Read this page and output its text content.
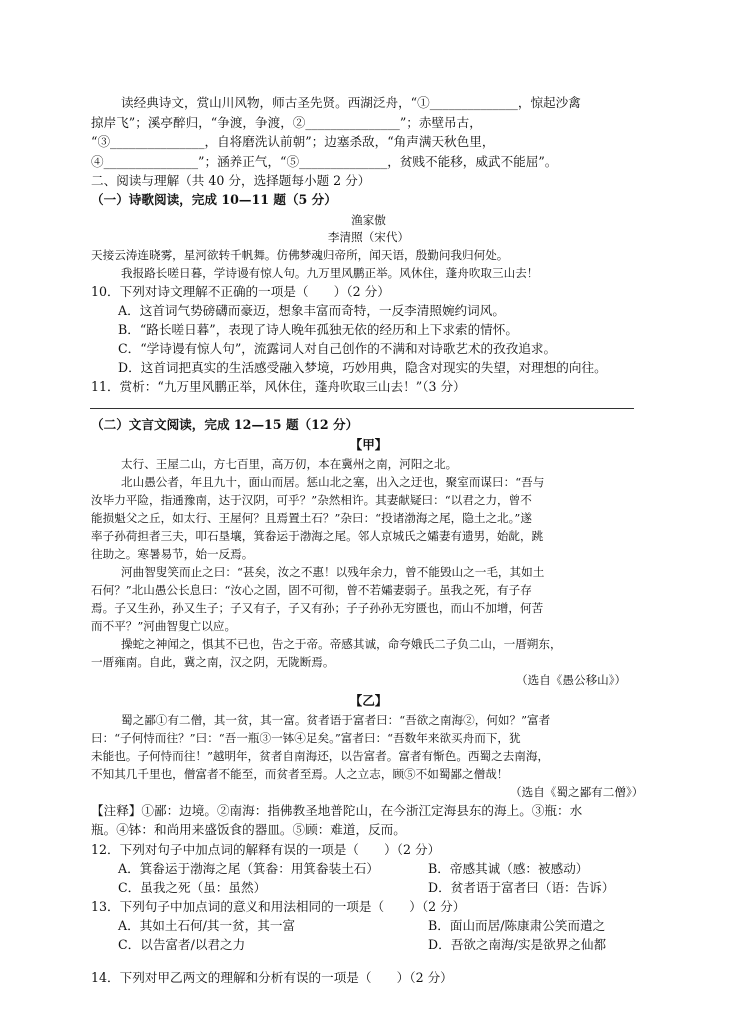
读经典诗文，赏山川风物，师古圣先贤。西湖泛舟，“①______________，惊起沙禽
掠岸飞”；溪亭醉归，“争渡，争渡，②_______________”；赤壁吊古，
“③_______________，自将磨洗认前朝”；边塞杀敌，“角声满天秋色里，
④_______________”；涵养正气，“⑤______________，贫贱不能移，威武不能屈”。
二、阅读与理解（共 40 分，选择题每小题 2 分）
（一）诗歌阅读，完成 10—11 题（5 分）
渔家傲
李清照（宋代）
天接云涛连晓雾，星河欲转千帆舞。仿佛梦魂归帝所，闻天语，殷勤问我归何处。
我报路长嗟日暮，学诗谩有惊人句。九万里风鹏正举。风休住，蓬舟吹取三山去！
10．下列对诗文理解不正确的一项是（　　）（2 分）
A．这首词气势磅礴而豪迈，想象丰富而奇特，一反李清照婉约词风。
B．“路长嗟日暮”，表现了诗人晚年孤独无依的经历和上下求索的情怀。
C．“学诗谩有惊人句”，流露词人对自己创作的不满和对诗歌艺术的孜孜追求。
D．这首词把真实的生活感受融入梦境，巧妙用典，隐含对现实的失望，对理想的向往。
11．赏析：“九万里风鹏正举，风休住，蓬舟吹取三山去！”（3 分）
（二）文言文阅读，完成 12—15 题（12 分）
【甲】
太行、王屋二山，方七百里，高万仞，本在冀州之南，河阳之北。
北山愚公者，年且九十，面山而居。惩山北之塞，出入之迂也，聚室而谋曰：“吾与
汝毕力平险，指通豫南，达于汉阴，可乎？”杂然相许。其妻献疑曰：“以君之力，曾不
能损魁父之丘，如太行、王屋何？且焉置土石？”杂曰：“投诸渤海之尾，隐土之北。”遂
率子孙荷担者三夫，叩石垦壤，箕畚运于渤海之尾。邻人京城氏之孀妻有遗男，始龀，跳
往助之。寒暑易节，始一反焉。
河曲智叟笑而止之曰：“甚矣，汝之不惠！以残年余力，曾不能毁山之一毛，其如土
石何？”北山愚公长息曰：“汝心之固，固不可彻，曾不若孀妻弱子。虽我之死，有子存
焉。子又生孙，孙又生子；子又有子，子又有孙；子子孙孙无穷匮也，而山不加增，何苦
而不平？”河曲智叟亡以应。
操蛇之神闻之，惧其不已也，告之于帝。帝感其诚，命夸娥氏二子负二山，一厝朔东，
一厝雍南。自此，冀之南，汉之阴，无陇断焉。
（选自《愚公移山》）
【乙】
蜀之鄙①有二僧，其一贫，其一富。贫者语于富者曰：“吾欲之南海②，何如？”富者
曰：“子何恃而往？”曰：“吾一瓶③一钵④足矣。”富者曰：“吾数年来欲买舟而下，犹
未能也。子何恃而往！”越明年，贫者自南海还，以告富者。富者有惭色。西蜀之去南海，
不知其几千里也，僧富者不能至，而贫者至焉。人之立志，顾⑤不如蜀鄙之僧哉！
（选自《蜀之鄙有二僧》）
【注释】①鄙：边境。②南海：指佛教圣地普陀山，在今浙江定海县东的海上。③瓶：水
瓶。④钵：和尚用来盛饭食的器皿。⑤顾：难道，反而。
12．下列对句子中加点词的解释有误的一项是（　　）（2 分）
A．箕畚运于渤海之尾（箕畚：用箕畚装土石）	B．帝感其诚（感：被感动）
C．虽我之死（虽：虽然）	D．贫者语于富者曰（语：告诉）
13．下列句子中加点词的意义和用法相同的一项是（　　）（2 分）
A．其如土石何/其一贫，其一富	B．面山而居/陈康肃公笑而遣之
C．以告富者/以君之力	D．吾欲之南海/实是欲界之仙都
14．下列对甲乙两文的理解和分析有误的一项是（　　）（2 分）
